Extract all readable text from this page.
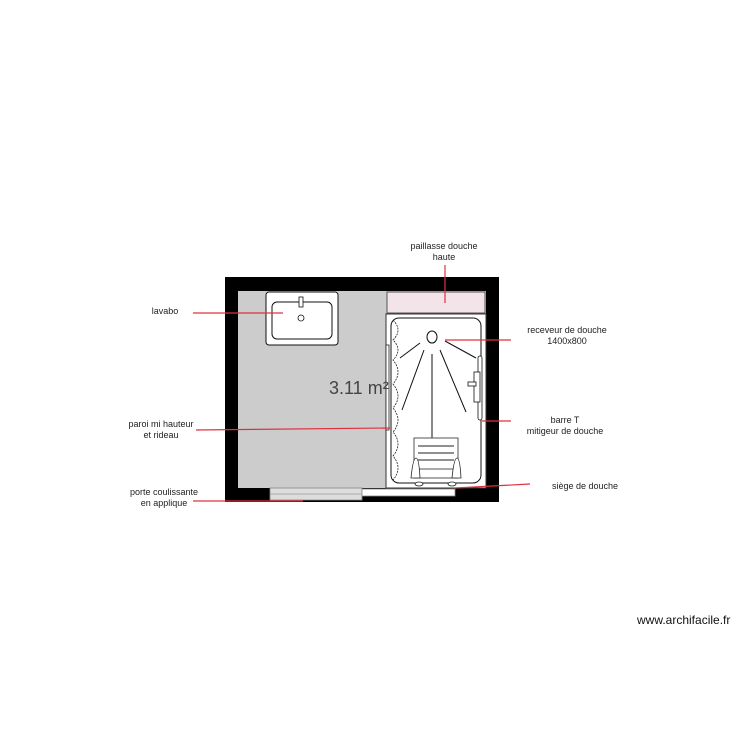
3.11 m²
paillasse douche
haute
lavabo
receveur de douche
1400x800
paroi mi hauteur
et rideau
barre T
mitigeur de douche
porte coulissante
en applique
siège de douche
www.archifacile.fr
